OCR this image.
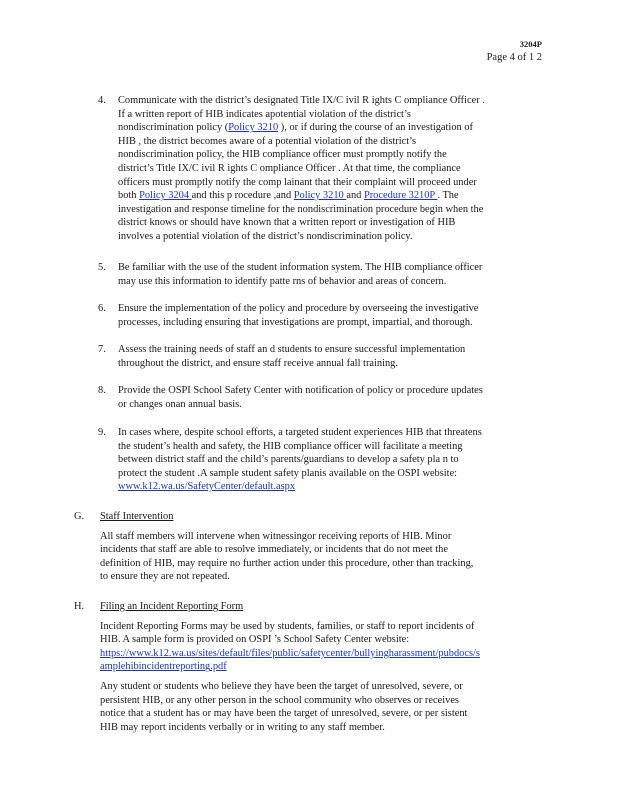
3204P
Page 4 of 1 2
4. Communicate with the district’s designated Title IX/C ivil R ights C ompliance Officer .

If a written report of HIB indicates apotential violation of the district’s

nondiscrimination policy (Policy 3210 ), or if during the course of an investigation of

HIB , the district becomes aware of a potential violation of the district’s

nondiscrimination policy, the HIB compliance officer must promptly notify the

district’s Title IX/C ivil R ights C ompliance Officer . At that time, the compliance

officers must promptly notify the comp lainant that their complaint will proceed under

both Policy 3204 and this p rocedure ,and Policy 3210 and Procedure 3210P . The

investigation and response timeline for the nondiscrimination procedure begin when the

district knows or should have known that a written report or investigation of HIB

involves a potential violation of the district’s nondiscrimination policy.

5. Be familiar with the use of the student information system. The HIB compliance officer

may use this information to identify patte rns of behavior and areas of concern.

6. Ensure the implementation of the policy and procedure by overseeing the investigative

processes, including ensuring that investigations are prompt, impartial, and thorough.

7. Assess the training needs of staff an d students to ensure successful implementation

throughout the district, and ensure staff receive annual fall training.

8. Provide the OSPI School Safety Center with notification of policy or procedure updates

or changes onan annual basis.

9. In cases where, despite school efforts, a targeted student experiences HIB that threatens

the student’s health and safety, the HIB compliance officer will facilitate a meeting

between district staff and the child’s parents/guardians to develop a safety pla n to

protect the student .A sample student safety planis available on the OSPI website:

www.k12.wa.us/SafetyCenter/default.aspx

G. Staff Intervention

All staff members will intervene when witnessingor receiving reports of HIB. Minor

incidents that staff are able to resolve immediately, or incidents that do not meet the

definition of HIB, may require no further action under this procedure, other than tracking,

to ensure they are not repeated.

H. Filing an Incident Reporting Form

Incident Reporting Forms may be used by students, families, or staff to report incidents of

HIB. A sample form is provided on OSPI ’s School Safety Center website:

https://www.k12.wa.us/sites/default/files/public/safetycenter/bullyingharassment/pubdocs/s

amplehibincidentreporting.pdf

Any student or students who believe they have been the target of unresolved, severe, or

persistent HIB, or any other person in the school community who observes or receives

notice that a student has or may have been the target of unresolved, severe, or per sistent

HIB may report incidents verbally or in writing to any staff member.
